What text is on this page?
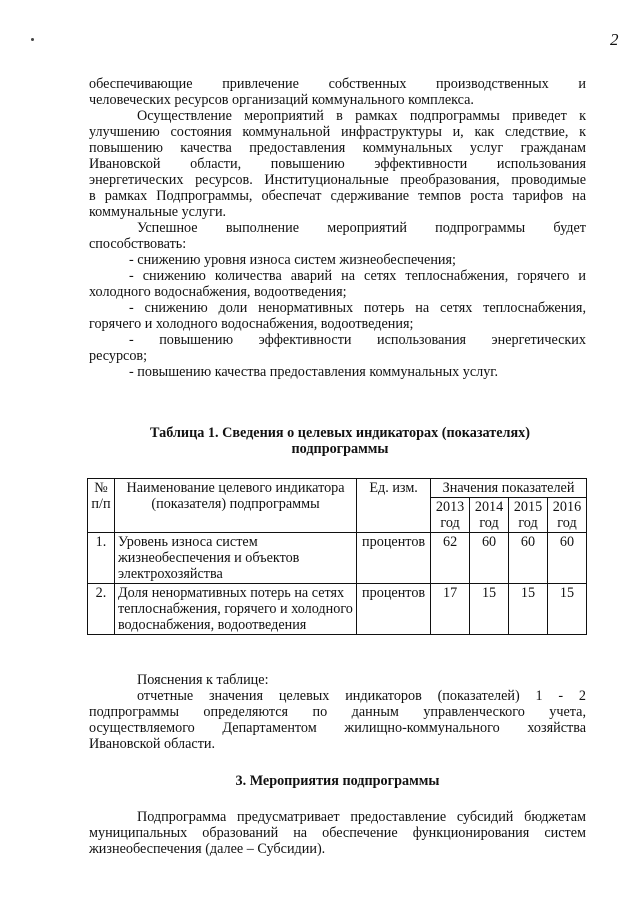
2

обеспечивающие привлечение собственных производственных и

человеческих ресурсов организаций коммунального комплекса.

Осуществление мероприятий в рамках подпрограммы приведет к

улучшению состояния коммунальной инфраструктуры и, как следствие, к

повышению качества предоставления коммунальных услуг гражданам

Ивановской области, повышению эффективности использования

энергетических ресурсов. Институциональные преобразования, проводимые

в рамках Подпрограммы, обеспечат сдерживание темпов роста тарифов на

коммунальные услуги.

Успешное выполнение мероприятий подпрограммы будет

способствовать:

- снижению уровня износа систем жизнеобеспечения;

- снижению количества аварий на сетях теплоснабжения, горячего и

холодного водоснабжения, водоотведения;

- снижению доли ненормативных потерь на сетях теплоснабжения,

горячего и холодного водоснабжения, водоотведения;

- повышению эффективности использования энергетических

ресурсов;

- повышению качества предоставления коммунальных услуг.

Таблица 1. Сведения о целевых индикаторах (показателях)
подпрограммы
№ п/п	Наименование целевого индикатора (показателя) подпрограммы	Ед. изм.	Значения показателей			
			2013 год	2014 год	2015 год	2016 год
1.	Уровень износа систем жизнеобеспечения и объектов электрохозяйства	процентов	62	60	60	60
2.	Доля ненормативных потерь на сетях теплоснабжения, горячего и холодного водоснабжения, водоотведения	процентов	17	15	15	15

Пояснения к таблице:

отчетные значения целевых индикаторов (показателей) 1 - 2

подпрограммы определяются по данным управленческого учета,

осуществляемого Департаментом жилищно-коммунального хозяйства

Ивановской области.

3. Мероприятия подпрограммы

Подпрограмма предусматривает предоставление субсидий бюджетам

муниципальных образований на обеспечение функционирования систем

жизнеобеспечения (далее – Субсидии).
